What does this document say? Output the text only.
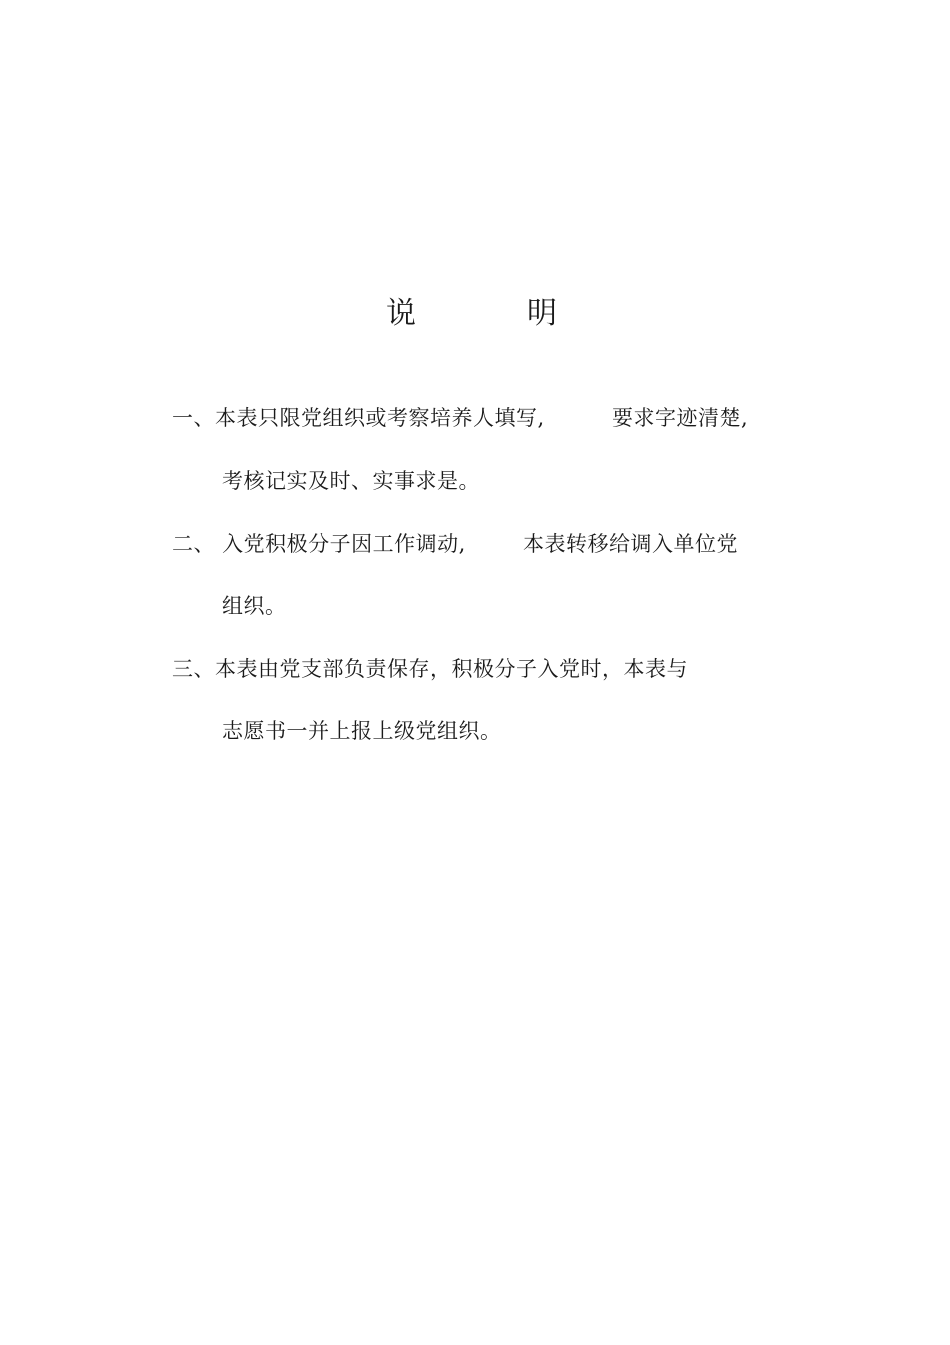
说	明
一、本表只限党组织或考察培养人填写,	要求字迹清楚,
考核记实及时、实事求是。
二、 入党积极分子因工作调动,	本表转移给调入单位党
组织。
三、本表由党支部负责保存，积极分子入党时，本表与
志愿书一并上报上级党组织。
